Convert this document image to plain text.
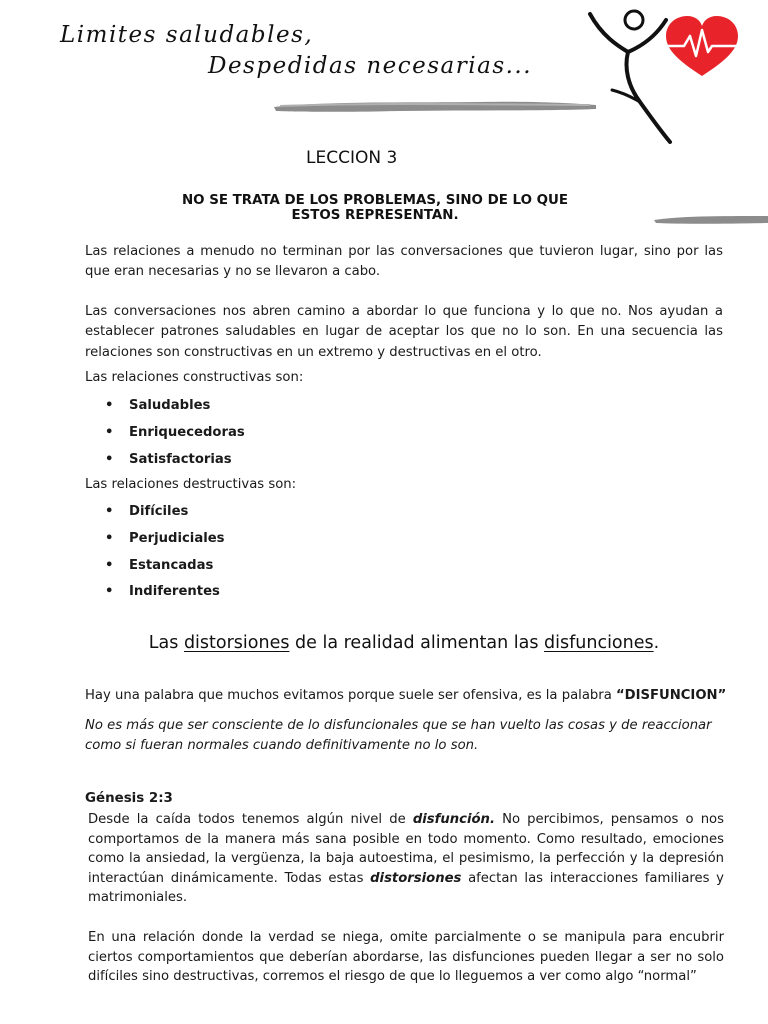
Limites saludables,
Despedidas necesarias...
LECCION 3
NO SE TRATA DE LOS PROBLEMAS, SINO DE LO QUE
ESTOS REPRESENTAN.
Las relaciones a menudo no terminan por las conversaciones que tuvieron lugar, sino por las que eran necesarias y no se llevaron a cabo.
Las conversaciones nos abren camino a abordar lo que funciona y lo que no. Nos ayudan a establecer patrones saludables en lugar de aceptar los que no lo son. En una secuencia las relaciones son constructivas en un extremo y destructivas en el otro.
Las relaciones constructivas son:
• Saludables
• Enriquecedoras
• Satisfactorias
Las relaciones destructivas son:
• Difíciles
• Perjudiciales
• Estancadas
• Indiferentes
Las distorsiones de la realidad alimentan las disfunciones.
Hay una palabra que muchos evitamos porque suele ser ofensiva, es la palabra “DISFUNCION”
No es más que ser consciente de lo disfuncionales que se han vuelto las cosas y de reaccionar como si fueran normales cuando definitivamente no lo son.
Génesis 2:3
Desde la caída todos tenemos algún nivel de disfunción. No percibimos, pensamos o nos comportamos de la manera más sana posible en todo momento. Como resultado, emociones como la ansiedad, la vergüenza, la baja autoestima, el pesimismo, la perfección y la depresión interactúan dinámicamente. Todas estas distorsiones afectan las interacciones familiares y matrimoniales.
En una relación donde la verdad se niega, omite parcialmente o se manipula para encubrir ciertos comportamientos que deberían abordarse, las disfunciones pueden llegar a ser no solo difíciles sino destructivas, corremos el riesgo de que lo lleguemos a ver como algo “normal”
